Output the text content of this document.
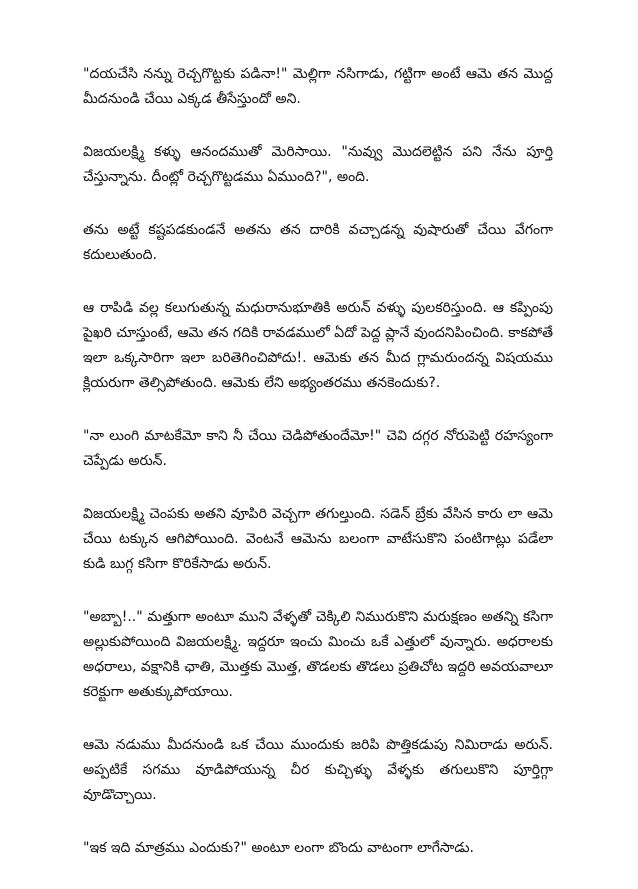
"దయచేసి నన్ను రెచ్చగొట్టకు పడినా!" మెల్లిగా నసిగాడు, గట్టిగా అంటే ఆమె తన మొద్ద మీదనుండి చేయి ఎక్కడ తీసేస్తుందో అని.

విజయలక్ష్మి కళ్ళు ఆనందముతో మెరిసాయి. "నువ్వు మొదలెట్టిన పని నేను పూర్తి చేస్తున్నాను. దీంట్లో రెచ్చగొట్టడము ఏముంది?", అంది.

తను అట్టే కష్టపడకుండనే అతను తన దారికి వచ్చాడన్న వుషారుతో చేయి వేగంగా కదులుతుంది.

ఆ రాపిడి వల్ల కలుగుతున్న మధురానుభూతికి అరున్ వళ్ళు పులకరిస్తుంది. ఆ కప్పింపు పైఖరి చూస్తుంటే, ఆమె తన గదికి రావడములో ఏదో పెద్ద ప్లానే వుందనిపించింది. కాకపోతే ఇలా ఒక్కసారిగా ఇలా బరితెగించిపోదు!. ఆమెకు తన మీద గ్లామరుందన్న విషయము క్లియరుగా తెల్సిపోతుంది. ఆమెకు లేని అభ్యంతరము తనకెందుకు?.

"నా లుంగి మాటకేమో కాని నీ చేయి చెడిపోతుందేమో!" చెవి దగ్గర నోరుపెట్టి రహస్యంగా చెప్పేడు అరున్.

విజయలక్ష్మి చెంపకు అతని వూపిరి వెచ్చగా తగుల్తుంది. సడెన్ బ్రేకు వేసిన కారు లా ఆమె చేయి టక్కున ఆగిపోయింది. వెంటనే ఆమెను బలంగా వాటేసుకొని పంటిగాట్లు పడేలా కుడి బుగ్గ కసిగా కొరికేసాడు అరున్.

"అబ్బా!.." మత్తుగా అంటూ ముని వేళ్ళతో చెక్కిలి నిమురుకొని మరుక్షణం అతన్ని కసిగా అల్లుకుపోయింది విజయలక్ష్మి. ఇద్దరూ ఇంచు మించు ఒకే ఎత్తులో వున్నారు. అధరాలకు అధరాలు, వక్షానికి ఛాతి, మొత్తకు మొత్త, తొడలకు తొడలు ప్రతిచోట ఇద్దరి అవయవాలూ కరెక్టుగా అతుక్కుపోయాయి.

ఆమె నడుము మీదనుండి ఒక చేయి ముందుకు జరిపి పొత్తికడుపు నిమిరాడు అరున్. అప్పటికే సగము వూడిపోయున్న చీర కుచ్చిళ్ళు వేళ్ళకు తగులుకొని పూర్తిగ్గా వూడొచ్చాయి.

"ఇక ఇది మాత్రము ఎందుకు?" అంటూ లంగా బొందు వాటంగా లాగేసాడు.
